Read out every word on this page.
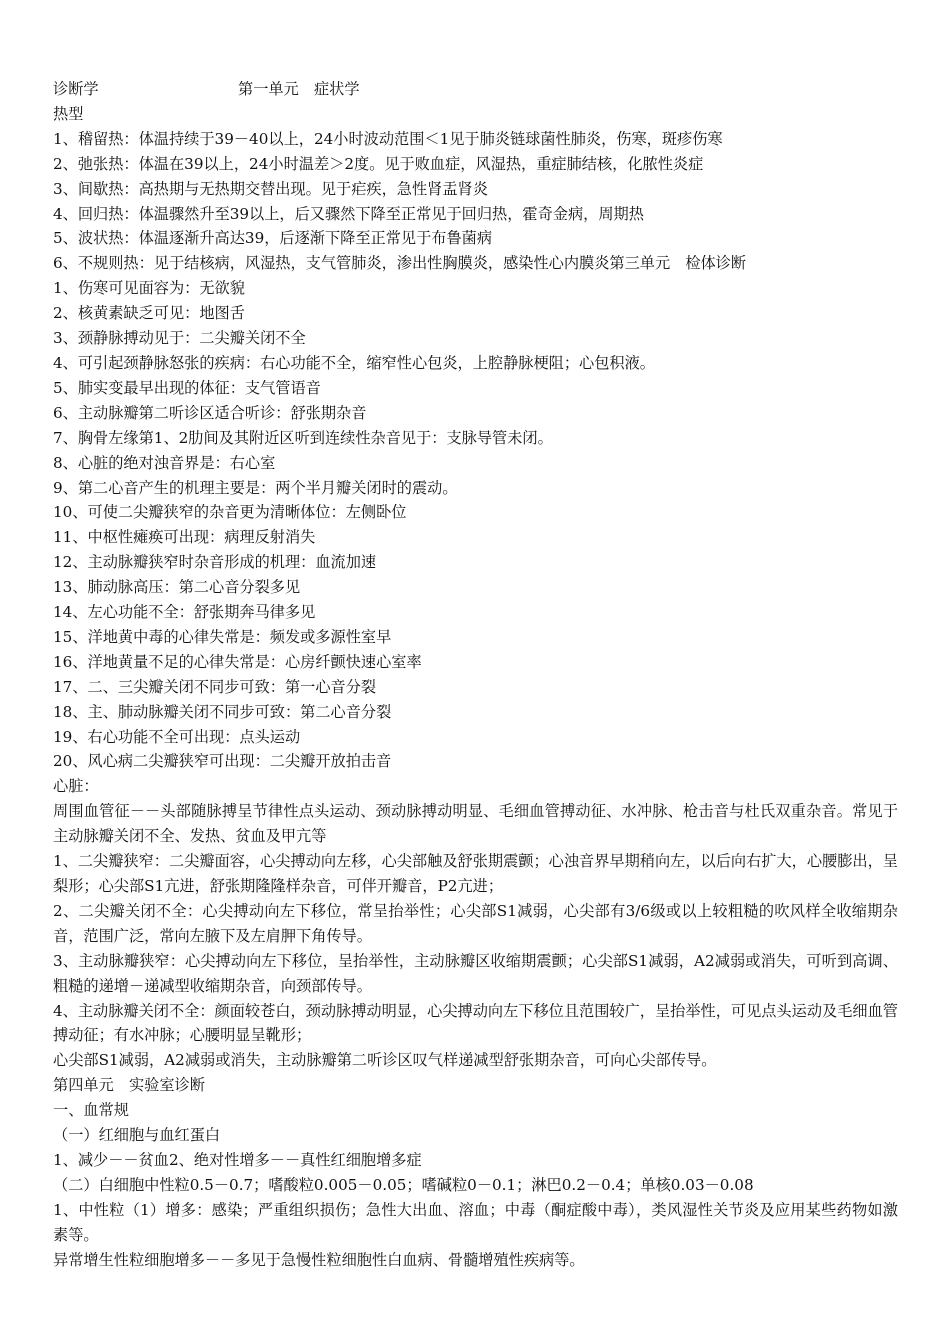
诊断学	第一单元　症状学
热型
1、稽留热：体温持续于39－40以上，24小时波动范围＜1见于肺炎链球菌性肺炎，伤寒，斑疹伤寒
2、弛张热：体温在39以上，24小时温差＞2度。见于败血症，风湿热，重症肺结核，化脓性炎症
3、间歇热：高热期与无热期交替出现。见于疟疾，急性肾盂肾炎
4、回归热：体温骤然升至39以上，后又骤然下降至正常见于回归热，霍奇金病，周期热
5、波状热：体温逐渐升高达39，后逐渐下降至正常见于布鲁菌病
6、不规则热：见于结核病，风湿热，支气管肺炎，渗出性胸膜炎，感染性心内膜炎第三单元　检体诊断
1、伤寒可见面容为：无欲貌
2、核黄素缺乏可见：地图舌
3、颈静脉搏动见于：二尖瓣关闭不全
4、可引起颈静脉怒张的疾病：右心功能不全，缩窄性心包炎，上腔静脉梗阻；心包积液。
5、肺实变最早出现的体征：支气管语音
6、主动脉瓣第二听诊区适合听诊：舒张期杂音
7、胸骨左缘第1、2肋间及其附近区听到连续性杂音见于：支脉导管未闭。
8、心脏的绝对浊音界是：右心室
9、第二心音产生的机理主要是：两个半月瓣关闭时的震动。
10、可使二尖瓣狭窄的杂音更为清晰体位：左侧卧位
11、中枢性瘫痪可出现：病理反射消失
12、主动脉瓣狭窄时杂音形成的机理：血流加速
13、肺动脉高压：第二心音分裂多见
14、左心功能不全：舒张期奔马律多见
15、洋地黄中毒的心律失常是：频发或多源性室早
16、洋地黄量不足的心律失常是：心房纤颤快速心室率
17、二、三尖瓣关闭不同步可致：第一心音分裂
18、主、肺动脉瓣关闭不同步可致：第二心音分裂
19、右心功能不全可出现：点头运动
20、风心病二尖瓣狭窄可出现：二尖瓣开放拍击音
心脏：
周围血管征－－头部随脉搏呈节律性点头运动、颈动脉搏动明显、毛细血管搏动征、水冲脉、枪击音与杜氏双重杂音。常见于主动脉瓣关闭不全、发热、贫血及甲亢等
1、二尖瓣狭窄：二尖瓣面容，心尖搏动向左移，心尖部触及舒张期震颤；心浊音界早期稍向左，以后向右扩大，心腰膨出，呈梨形；心尖部S1亢进，舒张期隆隆样杂音，可伴开瓣音，P2亢进；
2、二尖瓣关闭不全：心尖搏动向左下移位，常呈抬举性；心尖部S1减弱，心尖部有3/6级或以上较粗糙的吹风样全收缩期杂音，范围广泛，常向左腋下及左肩胛下角传导。
3、主动脉瓣狭窄：心尖搏动向左下移位，呈抬举性，主动脉瓣区收缩期震颤；心尖部S1减弱，A2减弱或消失，可听到高调、粗糙的递增－递减型收缩期杂音，向颈部传导。
4、主动脉瓣关闭不全：颜面较苍白，颈动脉搏动明显，心尖搏动向左下移位且范围较广，呈抬举性，可见点头运动及毛细血管搏动征；有水冲脉；心腰明显呈靴形；
心尖部S1减弱，A2减弱或消失，主动脉瓣第二听诊区叹气样递减型舒张期杂音，可向心尖部传导。
第四单元　实验室诊断
一、血常规
（一）红细胞与血红蛋白
1、减少－－贫血2、绝对性增多－－真性红细胞增多症
（二）白细胞中性粒0.5－0.7；嗜酸粒0.005－0.05；嗜碱粒0－0.1；淋巴0.2－0.4；单核0.03－0.08
1、中性粒（1）增多：感染；严重组织损伤；急性大出血、溶血；中毒（酮症酸中毒），类风湿性关节炎及应用某些药物如激素等。
异常增生性粒细胞增多－－多见于急慢性粒细胞性白血病、骨髓增殖性疾病等。
